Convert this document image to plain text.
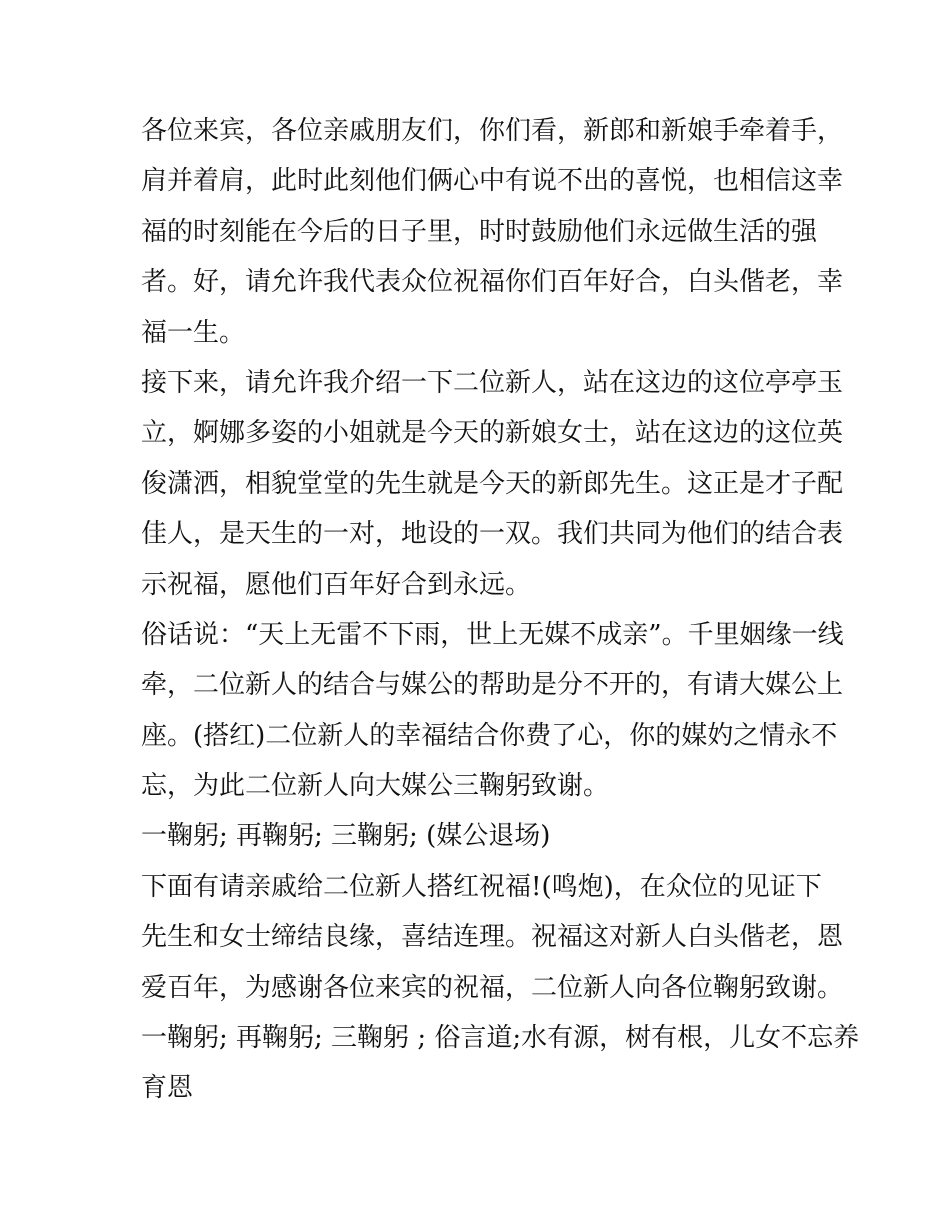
各位来宾，各位亲戚朋友们，你们看，新郎和新娘手牵着手，
肩并着肩，此时此刻他们俩心中有说不出的喜悦，也相信这幸
福的时刻能在今后的日子里，时时鼓励他们永远做生活的强
者。好，请允许我代表众位祝福你们百年好合，白头偕老，幸
福一生。
接下来，请允许我介绍一下二位新人，站在这边的这位亭亭玉
立，婀娜多姿的小姐就是今天的新娘女士，站在这边的这位英
俊潇洒，相貌堂堂的先生就是今天的新郎先生。这正是才子配
佳人，是天生的一对，地设的一双。我们共同为他们的结合表
示祝福，愿他们百年好合到永远。
俗话说：“天上无雷不下雨，世上无媒不成亲”。千里姻缘一线
牵，二位新人的结合与媒公的帮助是分不开的，有请大媒公上
座。(搭红)二位新人的幸福结合你费了心，你的媒妁之情永不
忘，为此二位新人向大媒公三鞠躬致谢。
一鞠躬; 再鞠躬; 三鞠躬; (媒公退场)
下面有请亲戚给二位新人搭红祝福!(鸣炮)，在众位的见证下
先生和女士缔结良缘，喜结连理。祝福这对新人白头偕老，恩
爱百年，为感谢各位来宾的祝福，二位新人向各位鞠躬致谢。
一鞠躬; 再鞠躬; 三鞠躬 ; 俗言道;水有源，树有根，儿女不忘养
育恩
